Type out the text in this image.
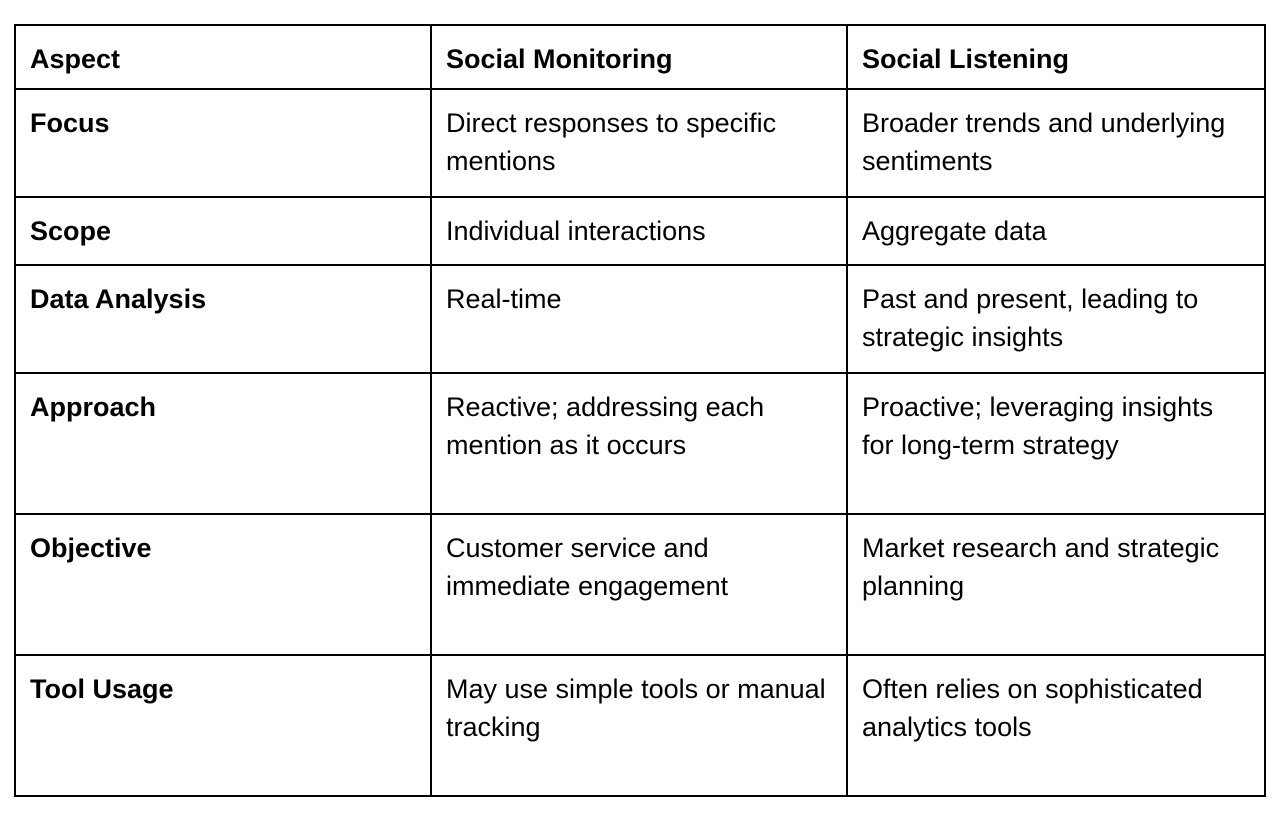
Aspect	Social Monitoring	Social Listening
Focus	Direct responses to specific mentions	Broader trends and underlying sentiments
Scope	Individual interactions	Aggregate data
Data Analysis	Real-time	Past and present, leading to strategic insights
Approach	Reactive; addressing each mention as it occurs	Proactive; leveraging insights for long-term strategy
Objective	Customer service and immediate engagement	Market research and strategic planning
Tool Usage	May use simple tools or manual tracking	Often relies on sophisticated analytics tools
